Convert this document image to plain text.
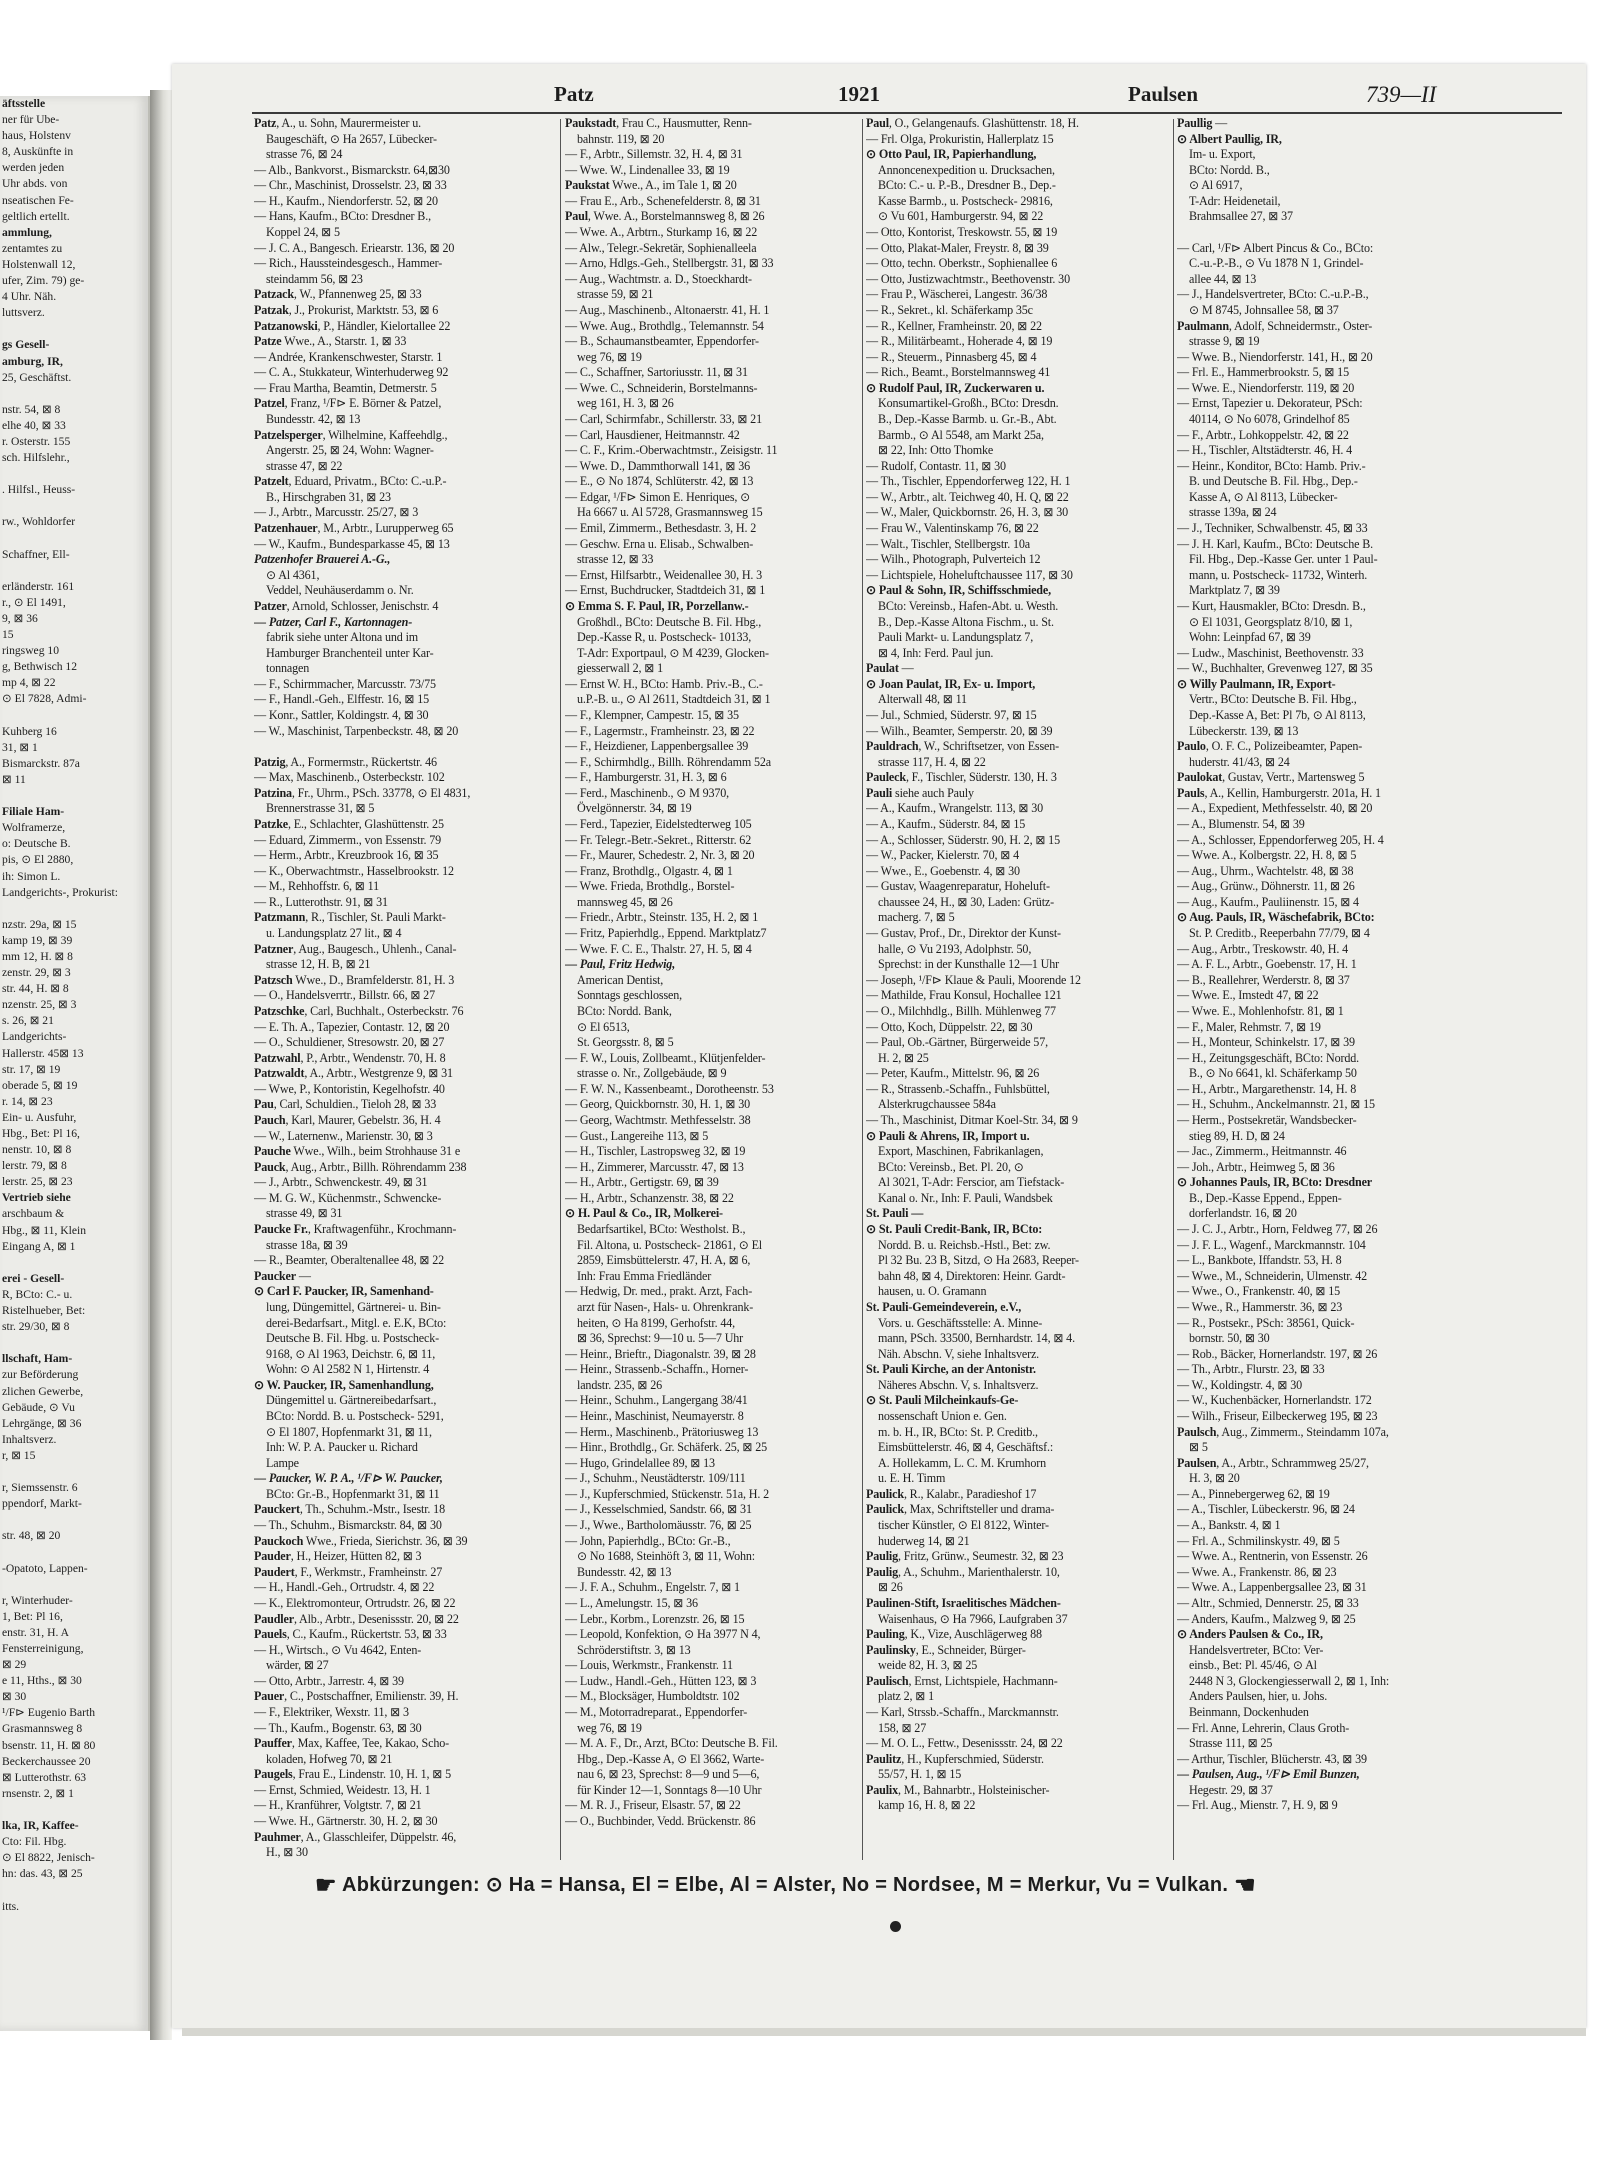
äftsstelle
ner für Ube-
haus, Holstenv
8, Auskünfte in
werden jeden
Uhr abds. von
nseatischen Fe-
geltlich ertellt.
ammlung,
zentamtes zu
Holstenwall 12,
ufer, Zim. 79) ge-
4 Uhr. Näh.
luttsverz.

gs Gesell-
amburg, IR,
25, Geschäftst.

nstr. 54, ⊠ 8
elhe 40, ⊠ 33
r. Osterstr. 155
sch. Hilfslehr.,

. Hilfsl., Heuss-

rw., Wohldorfer

Schaffner, Ell-

erländerstr. 161
r., ⊙ El 1491,
9, ⊠ 36
15
ringsweg 10
g, Bethwisch 12
mp 4, ⊠ 22
⊙ El 7828, Admi-

Kuhberg 16
31, ⊠ 1
Bismarckstr. 87a
⊠ 11

Filiale Ham-
Wolframerze,
o: Deutsche B.
pis, ⊙ El 2880,
ih: Simon L.
Landgerichts-, Prokurist:

nzstr. 29a, ⊠ 15
kamp 19, ⊠ 39
mm 12, H. ⊠ 8
zenstr. 29, ⊠ 3
str. 44, H. ⊠ 8
nzenstr. 25, ⊠ 3
s. 26, ⊠ 21
Landgerichts-
Hallerstr. 45⊠ 13
str. 17, ⊠ 19
oberade 5, ⊠ 19
r. 14, ⊠ 23
Ein- u. Ausfuhr,
Hbg., Bet: Pl 16,
nenstr. 10, ⊠ 8
lerstr. 79, ⊠ 8
lerstr. 25, ⊠ 23
Vertrieb siehe
arschbaum &
Hbg., ⊠ 11, Klein
Eingang A, ⊠ 1

erei - Gesell-
R, BCto: C.- u.
Ristelhueber, Bet:
str. 29/30, ⊠ 8

llschaft, Ham-
zur Beförderung
zlichen Gewerbe,
Gebäude, ⊙ Vu
Lehrgänge, ⊠ 36
Inhaltsverz.
r, ⊠ 15

r, Siemssenstr. 6
ppendorf, Markt-

str. 48, ⊠ 20

-Opatoto, Lappen-

r, Winterhuder-
1, Bet: Pl 16,
enstr. 31, H. A
Fensterreinigung,
⊠ 29
e 11, Hths., ⊠ 30
⊠ 30
¹/F⊳ Eugenio Barth
Grasmannsweg 8
bsenstr. 11, H. ⊠ 80
Beckerchaussee 20
⊠ Lutterothstr. 63
rnsenstr. 2, ⊠ 1

lka, IR, Kaffee-
Cto: Fil. Hbg.
⊙ El 8822, Jenisch-
hn: das. 43, ⊠ 25

itts.
Patz	1921	Paulsen	739—II
Patz, A., u. Sohn, Maurermeister u.
Baugeschäft, ⊙ Ha 2657, Lübecker-
strasse 76, ⊠ 24
— Alb., Bankvorst., Bismarckstr. 64,⊠30
— Chr., Maschinist, Drosselstr. 23, ⊠ 33
— H., Kaufm., Niendorferstr. 52, ⊠ 20
— Hans, Kaufm., BCto: Dresdner B.,
Koppel 24, ⊠ 5
— J. C. A., Bangesch. Eriearstr. 136, ⊠ 20
— Rich., Haussteindesgesch., Hammer-
steindamm 56, ⊠ 23
Patzack, W., Pfannenweg 25, ⊠ 33
Patzak, J., Prokurist, Marktstr. 53, ⊠ 6
Patzanowski, P., Händler, Kielortallee 22
Patze Wwe., A., Starstr. 1, ⊠ 33
— Andrée, Krankenschwester, Starstr. 1
— C. A., Stukkateur, Winterhuderweg 92
— Frau Martha, Beamtin, Detmerstr. 5
Patzel, Franz, ¹/F⊳ E. Börner & Patzel,
Bundesstr. 42, ⊠ 13
Patzelsperger, Wilhelmine, Kaffeehdlg.,
Angerstr. 25, ⊠ 24, Wohn: Wagner-
strasse 47, ⊠ 22
Patzelt, Eduard, Privatm., BCto: C.-u.P.-
B., Hirschgraben 31, ⊠ 23
— J., Arbtr., Marcusstr. 25/27, ⊠ 3
Patzenhauer, M., Arbtr., Lurupperweg 65
— W., Kaufm., Bundesparkasse 45, ⊠ 13
Patzenhofer Brauerei A.-G.,
⊙ Al 4361,
Veddel, Neuhäuserdamm o. Nr.
Patzer, Arnold, Schlosser, Jenischstr. 4
— Patzer, Carl F., Kartonnagen-
fabrik siehe unter Altona und im
Hamburger Branchenteil unter Kar-
tonnagen
— F., Schirmmacher, Marcusstr. 73/75
— F., Handl.-Geh., Elffestr. 16, ⊠ 15
— Konr., Sattler, Koldingstr. 4, ⊠ 30
— W., Maschinist, Tarpenbeckstr. 48, ⊠ 20

Patzig, A., Formermstr., Rückertstr. 46
— Max, Maschinenb., Osterbeckstr. 102
Patzina, Fr., Uhrm., PSch. 33778, ⊙ El 4831,
Brennerstrasse 31, ⊠ 5
Patzke, E., Schlachter, Glashüttenstr. 25
— Eduard, Zimmerm., von Essenstr. 79
— Herm., Arbtr., Kreuzbrook 16, ⊠ 35
— K., Oberwachtmstr., Hasselbrookstr. 12
— M., Rehhoffstr. 6, ⊠ 11
— R., Lutterothstr. 91, ⊠ 31
Patzmann, R., Tischler, St. Pauli Markt-
u. Landungsplatz 27 lit., ⊠ 4
Patzner, Aug., Baugesch., Uhlenh., Canal-
strasse 12, H. B, ⊠ 21
Patzsch Wwe., D., Bramfelderstr. 81, H. 3
— O., Handelsverrtr., Billstr. 66, ⊠ 27
Patzschke, Carl, Buchhalt., Osterbeckstr. 76
— E. Th. A., Tapezier, Contastr. 12, ⊠ 20
— O., Schuldiener, Stresowstr. 20, ⊠ 27
Patzwahl, P., Arbtr., Wendenstr. 70, H. 8
Patzwaldt, A., Arbtr., Westgrenze 9, ⊠ 31
— Wwe, P., Kontoristin, Kegelhofstr. 40
Pau, Carl, Schuldien., Tieloh 28, ⊠ 33
Pauch, Karl, Maurer, Gebelstr. 36, H. 4
— W., Laternenw., Marienstr. 30, ⊠ 3
Pauche Wwe., Wilh., beim Strohhause 31 e
Pauck, Aug., Arbtr., Billh. Röhrendamm 238
— J., Arbtr., Schwenckestr. 49, ⊠ 31
— M. G. W., Küchenmstr., Schwencke-
strasse 49, ⊠ 31
Paucke Fr., Kraftwagenführ., Krochmann-
strasse 18a, ⊠ 39
— R., Beamter, Oberaltenallee 48, ⊠ 22
Paucker —
⊙ Carl F. Paucker, IR, Samenhand-
lung, Düngemittel, Gärtnerei- u. Bin-
derei-Bedarfsart., Mitgl. e. E.K, BCto:
Deutsche B. Fil. Hbg. u. Postscheck-
9168, ⊙ Al 1963, Deichstr. 6, ⊠ 11,
Wohn: ⊙ Al 2582 N 1, Hirtenstr. 4
⊙ W. Paucker, IR, Samenhandlung,
Düngemittel u. Gärtnereibedarfsart.,
BCto: Nordd. B. u. Postscheck- 5291,
⊙ El 1807, Hopfenmarkt 31, ⊠ 11,
Inh: W. P. A. Paucker u. Richard
Lampe
— Paucker, W. P. A., ¹/F⊳ W. Paucker,
BCto: Gr.-B., Hopfenmarkt 31, ⊠ 11
Pauckert, Th., Schuhm.-Mstr., Isestr. 18
— Th., Schuhm., Bismarckstr. 84, ⊠ 30
Pauckoch Wwe., Frieda, Sierichstr. 36, ⊠ 39
Pauder, H., Heizer, Hütten 82, ⊠ 3
Paudert, F., Werkmstr., Framheinstr. 27
— H., Handl.-Geh., Ortrudstr. 4, ⊠ 22
— K., Elektromonteur, Ortrudstr. 26, ⊠ 22
Paudler, Alb., Arbtr., Desenissstr. 20, ⊠ 22
Pauels, C., Kaufm., Rückertstr. 53, ⊠ 33
— H., Wirtsch., ⊙ Vu 4642, Enten-
wärder, ⊠ 27
— Otto, Arbtr., Jarrestr. 4, ⊠ 39
Pauer, C., Postschaffner, Emilienstr. 39, H.
— F., Elektriker, Wexstr. 11, ⊠ 3
— Th., Kaufm., Bogenstr. 63, ⊠ 30
Pauffer, Max, Kaffee, Tee, Kakao, Scho-
koladen, Hofweg 70, ⊠ 21
Paugels, Frau E., Lindenstr. 10, H. 1, ⊠ 5
— Ernst, Schmied, Weidestr. 13, H. 1
— H., Kranführer, Volgtstr. 7, ⊠ 21
— Wwe. H., Gärtnerstr. 30, H. 2, ⊠ 30
Pauhmer, A., Glasschleifer, Düppelstr. 46,
H., ⊠ 30
Paukstadt, Frau C., Hausmutter, Renn-
bahnstr. 119, ⊠ 20
— F., Arbtr., Sillemstr. 32, H. 4, ⊠ 31
— Wwe. W., Lindenallee 33, ⊠ 19
Paukstat Wwe., A., im Tale 1, ⊠ 20
— Frau E., Arb., Schenefelderstr. 8, ⊠ 31
Paul, Wwe. A., Borstelmannsweg 8, ⊠ 26
— Wwe. A., Arbtrn., Sturkamp 16, ⊠ 22
— Alw., Telegr.-Sekretär, Sophienalleela
— Arno, Hdlgs.-Geh., Stellbergstr. 31, ⊠ 33
— Aug., Wachtmstr. a. D., Stoeckhardt-
strasse 59, ⊠ 21
— Aug., Maschinenb., Altonaerstr. 41, H. 1
— Wwe. Aug., Brothdlg., Telemannstr. 54
— B., Schaumanstbeamter, Eppendorfer-
weg 76, ⊠ 19
— C., Schaffner, Sartoriusstr. 11, ⊠ 31
— Wwe. C., Schneiderin, Borstelmanns-
weg 161, H. 3, ⊠ 26
— Carl, Schirmfabr., Schillerstr. 33, ⊠ 21
— Carl, Hausdiener, Heitmannstr. 42
— C. F., Krim.-Oberwachtmstr., Zeisigstr. 11
— Wwe. D., Dammthorwall 141, ⊠ 36
— E., ⊙ No 1874, Schlüterstr. 42, ⊠ 13
— Edgar, ¹/F⊳ Simon E. Henriques, ⊙
Ha 6667 u. Al 5728, Grasmannsweg 15
— Emil, Zimmerm., Bethesdastr. 3, H. 2
— Geschw. Erna u. Elisab., Schwalben-
strasse 12, ⊠ 33
— Ernst, Hilfsarbtr., Weidenallee 30, H. 3
— Ernst, Buchdrucker, Stadtdeich 31, ⊠ 1
⊙ Emma S. F. Paul, IR, Porzellanw.-
Großhdl., BCto: Deutsche B. Fil. Hbg.,
Dep.-Kasse R, u. Postscheck- 10133,
T-Adr: Exportpaul, ⊙ M 4239, Glocken-
giesserwall 2, ⊠ 1
— Ernst W. H., BCto: Hamb. Priv.-B., C.-
u.P.-B. u., ⊙ Al 2611, Stadtdeich 31, ⊠ 1
— F., Klempner, Campestr. 15, ⊠ 35
— F., Lagermstr., Framheinstr. 23, ⊠ 22
— F., Heizdiener, Lappenbergsallee 39
— F., Schirmhdlg., Billh. Röhrendamm 52a
— F., Hamburgerstr. 31, H. 3, ⊠ 6
— Ferd., Maschinenb., ⊙ M 9370,
Övelgönnerstr. 34, ⊠ 19
— Ferd., Tapezier, Eidelstedterweg 105
— Fr. Telegr.-Betr.-Sekret., Ritterstr. 62
— Fr., Maurer, Schedestr. 2, Nr. 3, ⊠ 20
— Franz, Brothdlg., Olgastr. 4, ⊠ 1
— Wwe. Frieda, Brothdlg., Borstel-
mannsweg 45, ⊠ 26
— Friedr., Arbtr., Steinstr. 135, H. 2, ⊠ 1
— Fritz, Papierhdlg., Eppend. Marktplatz7
— Wwe. F. C. E., Thalstr. 27, H. 5, ⊠ 4
— Paul, Fritz Hedwig,
American Dentist,
Sonntags geschlossen,
BCto: Nordd. Bank,
⊙ El 6513,
St. Georgsstr. 8, ⊠ 5
— F. W., Louis, Zollbeamt., Klütjenfelder-
strasse o. Nr., Zollgebäude, ⊠ 9
— F. W. N., Kassenbeamt., Dorotheenstr. 53
— Georg, Quickbornstr. 30, H. 1, ⊠ 30
— Georg, Wachtmstr. Methfesselstr. 38
— Gust., Langereihe 113, ⊠ 5
— H., Tischler, Lastropsweg 32, ⊠ 19
— H., Zimmerer, Marcusstr. 47, ⊠ 13
— H., Arbtr., Gertigstr. 69, ⊠ 39
— H., Arbtr., Schanzenstr. 38, ⊠ 22
⊙ H. Paul & Co., IR, Molkerei-
Bedarfsartikel, BCto: Westholst. B.,
Fil. Altona, u. Postscheck- 21861, ⊙ El
2859, Eimsbüttelerstr. 47, H. A, ⊠ 6,
Inh: Frau Emma Friedländer
— Hedwig, Dr. med., prakt. Arzt, Fach-
arzt für Nasen-, Hals- u. Ohrenkrank-
heiten, ⊙ Ha 8199, Gerhofstr. 44,
⊠ 36, Sprechst: 9—10 u. 5—7 Uhr
— Heinr., Brieftr., Diagonalstr. 39, ⊠ 28
— Heinr., Strassenb.-Schaffn., Horner-
landstr. 235, ⊠ 26
— Heinr., Schuhm., Langergang 38/41
— Heinr., Maschinist, Neumayerstr. 8
— Herm., Maschinenb., Prätoriusweg 13
— Hinr., Brothdlg., Gr. Schäferk. 25, ⊠ 25
— Hugo, Grindelallee 89, ⊠ 13
— J., Schuhm., Neustädterstr. 109/111
— J., Kupferschmied, Stückenstr. 51a, H. 2
— J., Kesselschmied, Sandstr. 66, ⊠ 31
— J., Wwe., Bartholomäusstr. 76, ⊠ 25
— John, Papierhdlg., BCto: Gr.-B.,
⊙ No 1688, Steinhöft 3, ⊠ 11, Wohn:
Bundesstr. 42, ⊠ 13
— J. F. A., Schuhm., Engelstr. 7, ⊠ 1
— L., Amelungstr. 15, ⊠ 36
— Lebr., Korbm., Lorenzstr. 26, ⊠ 15
— Leopold, Konfektion, ⊙ Ha 3977 N 4,
Schröderstiftstr. 3, ⊠ 13
— Louis, Werkmstr., Frankenstr. 11
— Ludw., Handl.-Geh., Hütten 123, ⊠ 3
— M., Blocksäger, Humboldtstr. 102
— M., Motorradreparat., Eppendorfer-
weg 76, ⊠ 19
— M. A. F., Dr., Arzt, BCto: Deutsche B. Fil.
Hbg., Dep.-Kasse A, ⊙ El 3662, Warte-
nau 6, ⊠ 23, Sprechst: 8—9 und 5—6,
für Kinder 12—1, Sonntags 8—10 Uhr
— M. R. J., Friseur, Elsastr. 57, ⊠ 22
— O., Buchbinder, Vedd. Brückenstr. 86
Paul, O., Gelangenaufs. Glashüttenstr. 18, H.
— Frl. Olga, Prokuristin, Hallerplatz 15
⊙ Otto Paul, IR, Papierhandlung,
Annoncenexpedition u. Drucksachen,
BCto: C.- u. P.-B., Dresdner B., Dep.-
Kasse Barmb., u. Postscheck- 29816,
⊙ Vu 601, Hamburgerstr. 94, ⊠ 22
— Otto, Kontorist, Treskowstr. 55, ⊠ 19
— Otto, Plakat-Maler, Freystr. 8, ⊠ 39
— Otto, techn. Oberkstr., Sophienallee 6
— Otto, Justizwachtmstr., Beethovenstr. 30
— Frau P., Wäscherei, Langestr. 36/38
— R., Sekret., kl. Schäferkamp 35c
— R., Kellner, Framheinstr. 20, ⊠ 22
— R., Militärbeamt., Hoherade 4, ⊠ 19
— R., Steuerm., Pinnasberg 45, ⊠ 4
— Rich., Beamt., Borstelmannsweg 41
⊙ Rudolf Paul, IR, Zuckerwaren u.
Konsumartikel-Großh., BCto: Dresdn.
B., Dep.-Kasse Barmb. u. Gr.-B., Abt.
Barmb., ⊙ Al 5548, am Markt 25a,
⊠ 22, Inh: Otto Thomke
— Rudolf, Contastr. 11, ⊠ 30
— Th., Tischler, Eppendorferweg 122, H. 1
— W., Arbtr., alt. Teichweg 40, H. Q, ⊠ 22
— W., Maler, Quickbornstr. 26, H. 3, ⊠ 30
— Frau W., Valentinskamp 76, ⊠ 22
— Walt., Tischler, Stellbergstr. 10a
— Wilh., Photograph, Pulverteich 12
— Lichtspiele, Hoheluftchaussee 117, ⊠ 30
⊙ Paul & Sohn, IR, Schiffsschmiede,
BCto: Vereinsb., Hafen-Abt. u. Westh.
B., Dep.-Kasse Altona Fischm., u. St.
Pauli Markt- u. Landungsplatz 7,
⊠ 4, Inh: Ferd. Paul jun.
Paulat —
⊙ Joan Paulat, IR, Ex- u. Import,
Alterwall 48, ⊠ 11
— Jul., Schmied, Süderstr. 97, ⊠ 15
— Wilh., Beamter, Semperstr. 20, ⊠ 39
Pauldrach, W., Schriftsetzer, von Essen-
strasse 117, H. 4, ⊠ 22
Pauleck, F., Tischler, Süderstr. 130, H. 3
Pauli siehe auch Pauly
— A., Kaufm., Wrangelstr. 113, ⊠ 30
— A., Kaufm., Süderstr. 84, ⊠ 15
— A., Schlosser, Süderstr. 90, H. 2, ⊠ 15
— W., Packer, Kielerstr. 70, ⊠ 4
— Wwe., E., Goebenstr. 4, ⊠ 30
— Gustav, Waagenreparatur, Hoheluft-
chaussee 24, H., ⊠ 30, Laden: Grütz-
macherg. 7, ⊠ 5
— Gustav, Prof., Dr., Direktor der Kunst-
halle, ⊙ Vu 2193, Adolphstr. 50,
Sprechst: in der Kunsthalle 12—1 Uhr
— Joseph, ¹/F⊳ Klaue & Pauli, Moorende 12
— Mathilde, Frau Konsul, Hochallee 121
— O., Milchhdlg., Billh. Mühlenweg 77
— Otto, Koch, Düppelstr. 22, ⊠ 30
— Paul, Ob.-Gärtner, Bürgerweide 57,
H. 2, ⊠ 25
— Peter, Kaufm., Mittelstr. 96, ⊠ 26
— R., Strassenb.-Schaffn., Fuhlsbüttel,
Alsterkrugchaussee 584a
— Th., Maschinist, Ditmar Koel-Str. 34, ⊠ 9
⊙ Pauli & Ahrens, IR, Import u.
Export, Maschinen, Fabrikanlagen,
BCto: Vereinsb., Bet. Pl. 20, ⊙
Al 3021, T-Adr: Ferscior, am Tiefstack-
Kanal o. Nr., Inh: F. Pauli, Wandsbek
St. Pauli —
⊙ St. Pauli Credit-Bank, IR, BCto:
Nordd. B. u. Reichsb.-Hstl., Bet: zw.
Pl 32 Bu. 23 B, Sitzd, ⊙ Ha 2683, Reeper-
bahn 48, ⊠ 4, Direktoren: Heinr. Gardt-
hausen, u. O. Gramann
St. Pauli-Gemeindeverein, e.V.,
Vors. u. Geschäftsstelle: A. Minne-
mann, PSch. 33500, Bernhardstr. 14, ⊠ 4.
Näh. Abschn. V, siehe Inhaltsverz.
St. Pauli Kirche, an der Antonistr.
Näheres Abschn. V, s. Inhaltsverz.
⊙ St. Pauli Milcheinkaufs-Ge-
nossenschaft Union e. Gen.
m. b. H., IR, BCto: St. P. Creditb.,
Eimsbüttelerstr. 46, ⊠ 4, Geschäftsf.:
A. Hollekamm, L. C. M. Krumhorn
u. E. H. Timm
Paulick, R., Kalabr., Paradieshof 17
Paulick, Max, Schriftsteller und drama-
tischer Künstler, ⊙ El 8122, Winter-
huderweg 14, ⊠ 21
Paulig, Fritz, Grünw., Seumestr. 32, ⊠ 23
Paulig, A., Schuhm., Marienthalerstr. 10,
⊠ 26
Paulinen-Stift, Israelitisches Mädchen-
Waisenhaus, ⊙ Ha 7966, Laufgraben 37
Pauling, K., Vize, Auschlägerweg 88
Paulinsky, E., Schneider, Bürger-
weide 82, H. 3, ⊠ 25
Paulisch, Ernst, Lichtspiele, Hachmann-
platz 2, ⊠ 1
— Karl, Strssb.-Schaffn., Marckmannstr.
158, ⊠ 27
— M. O. L., Fettw., Desenissstr. 24, ⊠ 22
Paulitz, H., Kupferschmied, Süderstr.
55/57, H. 1, ⊠ 15
Paulix, M., Bahnarbtr., Holsteinischer-
kamp 16, H. 8, ⊠ 22
Paullig —
⊙ Albert Paullig, IR,
Im- u. Export,
BCto: Nordd. B.,
⊙ Al 6917,
T-Adr: Heidenetail,
Brahmsallee 27, ⊠ 37

— Carl, ¹/F⊳ Albert Pincus & Co., BCto:
C.-u.-P.-B., ⊙ Vu 1878 N 1, Grindel-
allee 44, ⊠ 13
— J., Handelsvertreter, BCto: C.-u.P.-B.,
⊙ M 8745, Johnsallee 58, ⊠ 37
Paulmann, Adolf, Schneidermstr., Oster-
strasse 9, ⊠ 19
— Wwe. B., Niendorferstr. 141, H., ⊠ 20
— Frl. E., Hammerbrookstr. 5, ⊠ 15
— Wwe. E., Niendorferstr. 119, ⊠ 20
— Ernst, Tapezier u. Dekorateur, PSch:
40114, ⊙ No 6078, Grindelhof 85
— F., Arbtr., Lohkoppelstr. 42, ⊠ 22
— H., Tischler, Altstädterstr. 46, H. 4
— Heinr., Konditor, BCto: Hamb. Priv.-
B. und Deutsche B. Fil. Hbg., Dep.-
Kasse A, ⊙ Al 8113, Lübecker-
strasse 139a, ⊠ 24
— J., Techniker, Schwalbenstr. 45, ⊠ 33
— J. H. Karl, Kaufm., BCto: Deutsche B.
Fil. Hbg., Dep.-Kasse Ger. unter 1 Paul-
mann, u. Postscheck- 11732, Winterh.
Marktplatz 7, ⊠ 39
— Kurt, Hausmakler, BCto: Dresdn. B.,
⊙ El 1031, Georgsplatz 8/10, ⊠ 1,
Wohn: Leinpfad 67, ⊠ 39
— Ludw., Maschinist, Beethovenstr. 33
— W., Buchhalter, Grevenweg 127, ⊠ 35
⊙ Willy Paulmann, IR, Export-
Vertr., BCto: Deutsche B. Fil. Hbg.,
Dep.-Kasse A, Bet: Pl 7b, ⊙ Al 8113,
Lübeckerstr. 139, ⊠ 13
Paulo, O. F. C., Polizeibeamter, Papen-
huderstr. 41/43, ⊠ 24
Paulokat, Gustav, Vertr., Martensweg 5
Pauls, A., Kellin, Hamburgerstr. 201a, H. 1
— A., Expedient, Methfesselstr. 40, ⊠ 20
— A., Blumenstr. 54, ⊠ 39
— A., Schlosser, Eppendorferweg 205, H. 4
— Wwe. A., Kolbergstr. 22, H. 8, ⊠ 5
— Aug., Uhrm., Wachtelstr. 48, ⊠ 38
— Aug., Grünw., Döhnerstr. 11, ⊠ 26
— Aug., Kaufm., Pauliinenstr. 15, ⊠ 4
⊙ Aug. Pauls, IR, Wäschefabrik, BCto:
St. P. Creditb., Reeperbahn 77/79, ⊠ 4
— Aug., Arbtr., Treskowstr. 40, H. 4
— A. F. L., Arbtr., Goebenstr. 17, H. 1
— B., Reallehrer, Werderstr. 8, ⊠ 37
— Wwe. E., Imstedt 47, ⊠ 22
— Wwe. E., Mohlenhofstr. 81, ⊠ 1
— F., Maler, Rehmstr. 7, ⊠ 19
— H., Monteur, Schinkelstr. 17, ⊠ 39
— H., Zeitungsgeschäft, BCto: Nordd.
B., ⊙ No 6641, kl. Schäferkamp 50
— H., Arbtr., Margarethenstr. 14, H. 8
— H., Schuhm., Anckelmannstr. 21, ⊠ 15
— Herm., Postsekretär, Wandsbecker-
stieg 89, H. D, ⊠ 24
— Jac., Zimmerm., Heitmannstr. 46
— Joh., Arbtr., Heimweg 5, ⊠ 36
⊙ Johannes Pauls, IR, BCto: Dresdner
B., Dep.-Kasse Eppend., Eppen-
dorferlandstr. 16, ⊠ 20
— J. C. J., Arbtr., Horn, Feldweg 77, ⊠ 26
— J. F. L., Wagenf., Marckmannstr. 104
— L., Bankbote, Iffandstr. 53, H. 8
— Wwe., M., Schneiderin, Ulmenstr. 42
— Wwe., O., Frankenstr. 40, ⊠ 15
— Wwe., R., Hammerstr. 36, ⊠ 23
— R., Postsekr., PSch: 38561, Quick-
bornstr. 50, ⊠ 30
— Rob., Bäcker, Hornerlandstr. 197, ⊠ 26
— Th., Arbtr., Flurstr. 23, ⊠ 33
— W., Koldingstr. 4, ⊠ 30
— W., Kuchenbäcker, Hornerlandstr. 172
— Wilh., Friseur, Eilbeckerweg 195, ⊠ 23
Paulsch, Aug., Zimmerm., Steindamm 107a,
⊠ 5
Paulsen, A., Arbtr., Schrammweg 25/27,
H. 3, ⊠ 20
— A., Pinnebergerweg 62, ⊠ 19
— A., Tischler, Lübeckerstr. 96, ⊠ 24
— A., Bankstr. 4, ⊠ 1
— Frl. A., Schmilinskystr. 49, ⊠ 5
— Wwe. A., Rentnerin, von Essenstr. 26
— Wwe. A., Frankenstr. 86, ⊠ 23
— Wwe. A., Lappenbergsallee 23, ⊠ 31
— Altr., Schmied, Dennerstr. 25, ⊠ 33
— Anders, Kaufm., Malzweg 9, ⊠ 25
⊙ Anders Paulsen & Co., IR,
Handelsvertreter, BCto: Ver-
einsb., Bet: Pl. 45/46, ⊙ Al
2448 N 3, Glockengiesserwall 2, ⊠ 1, Inh:
Anders Paulsen, hier, u. Johs.
Beinmann, Dockenhuden
— Frl. Anne, Lehrerin, Claus Groth-
Strasse 111, ⊠ 25
— Arthur, Tischler, Blücherstr. 43, ⊠ 39
— Paulsen, Aug., ¹/F⊳ Emil Bunzen,
Hegestr. 29, ⊠ 37
— Frl. Aug., Mienstr. 7, H. 9, ⊠ 9
☛ Abkürzungen: ⊙ Ha = Hansa, El = Elbe, Al = Alster, No = Nordsee, M = Merkur, Vu = Vulkan. ☚
